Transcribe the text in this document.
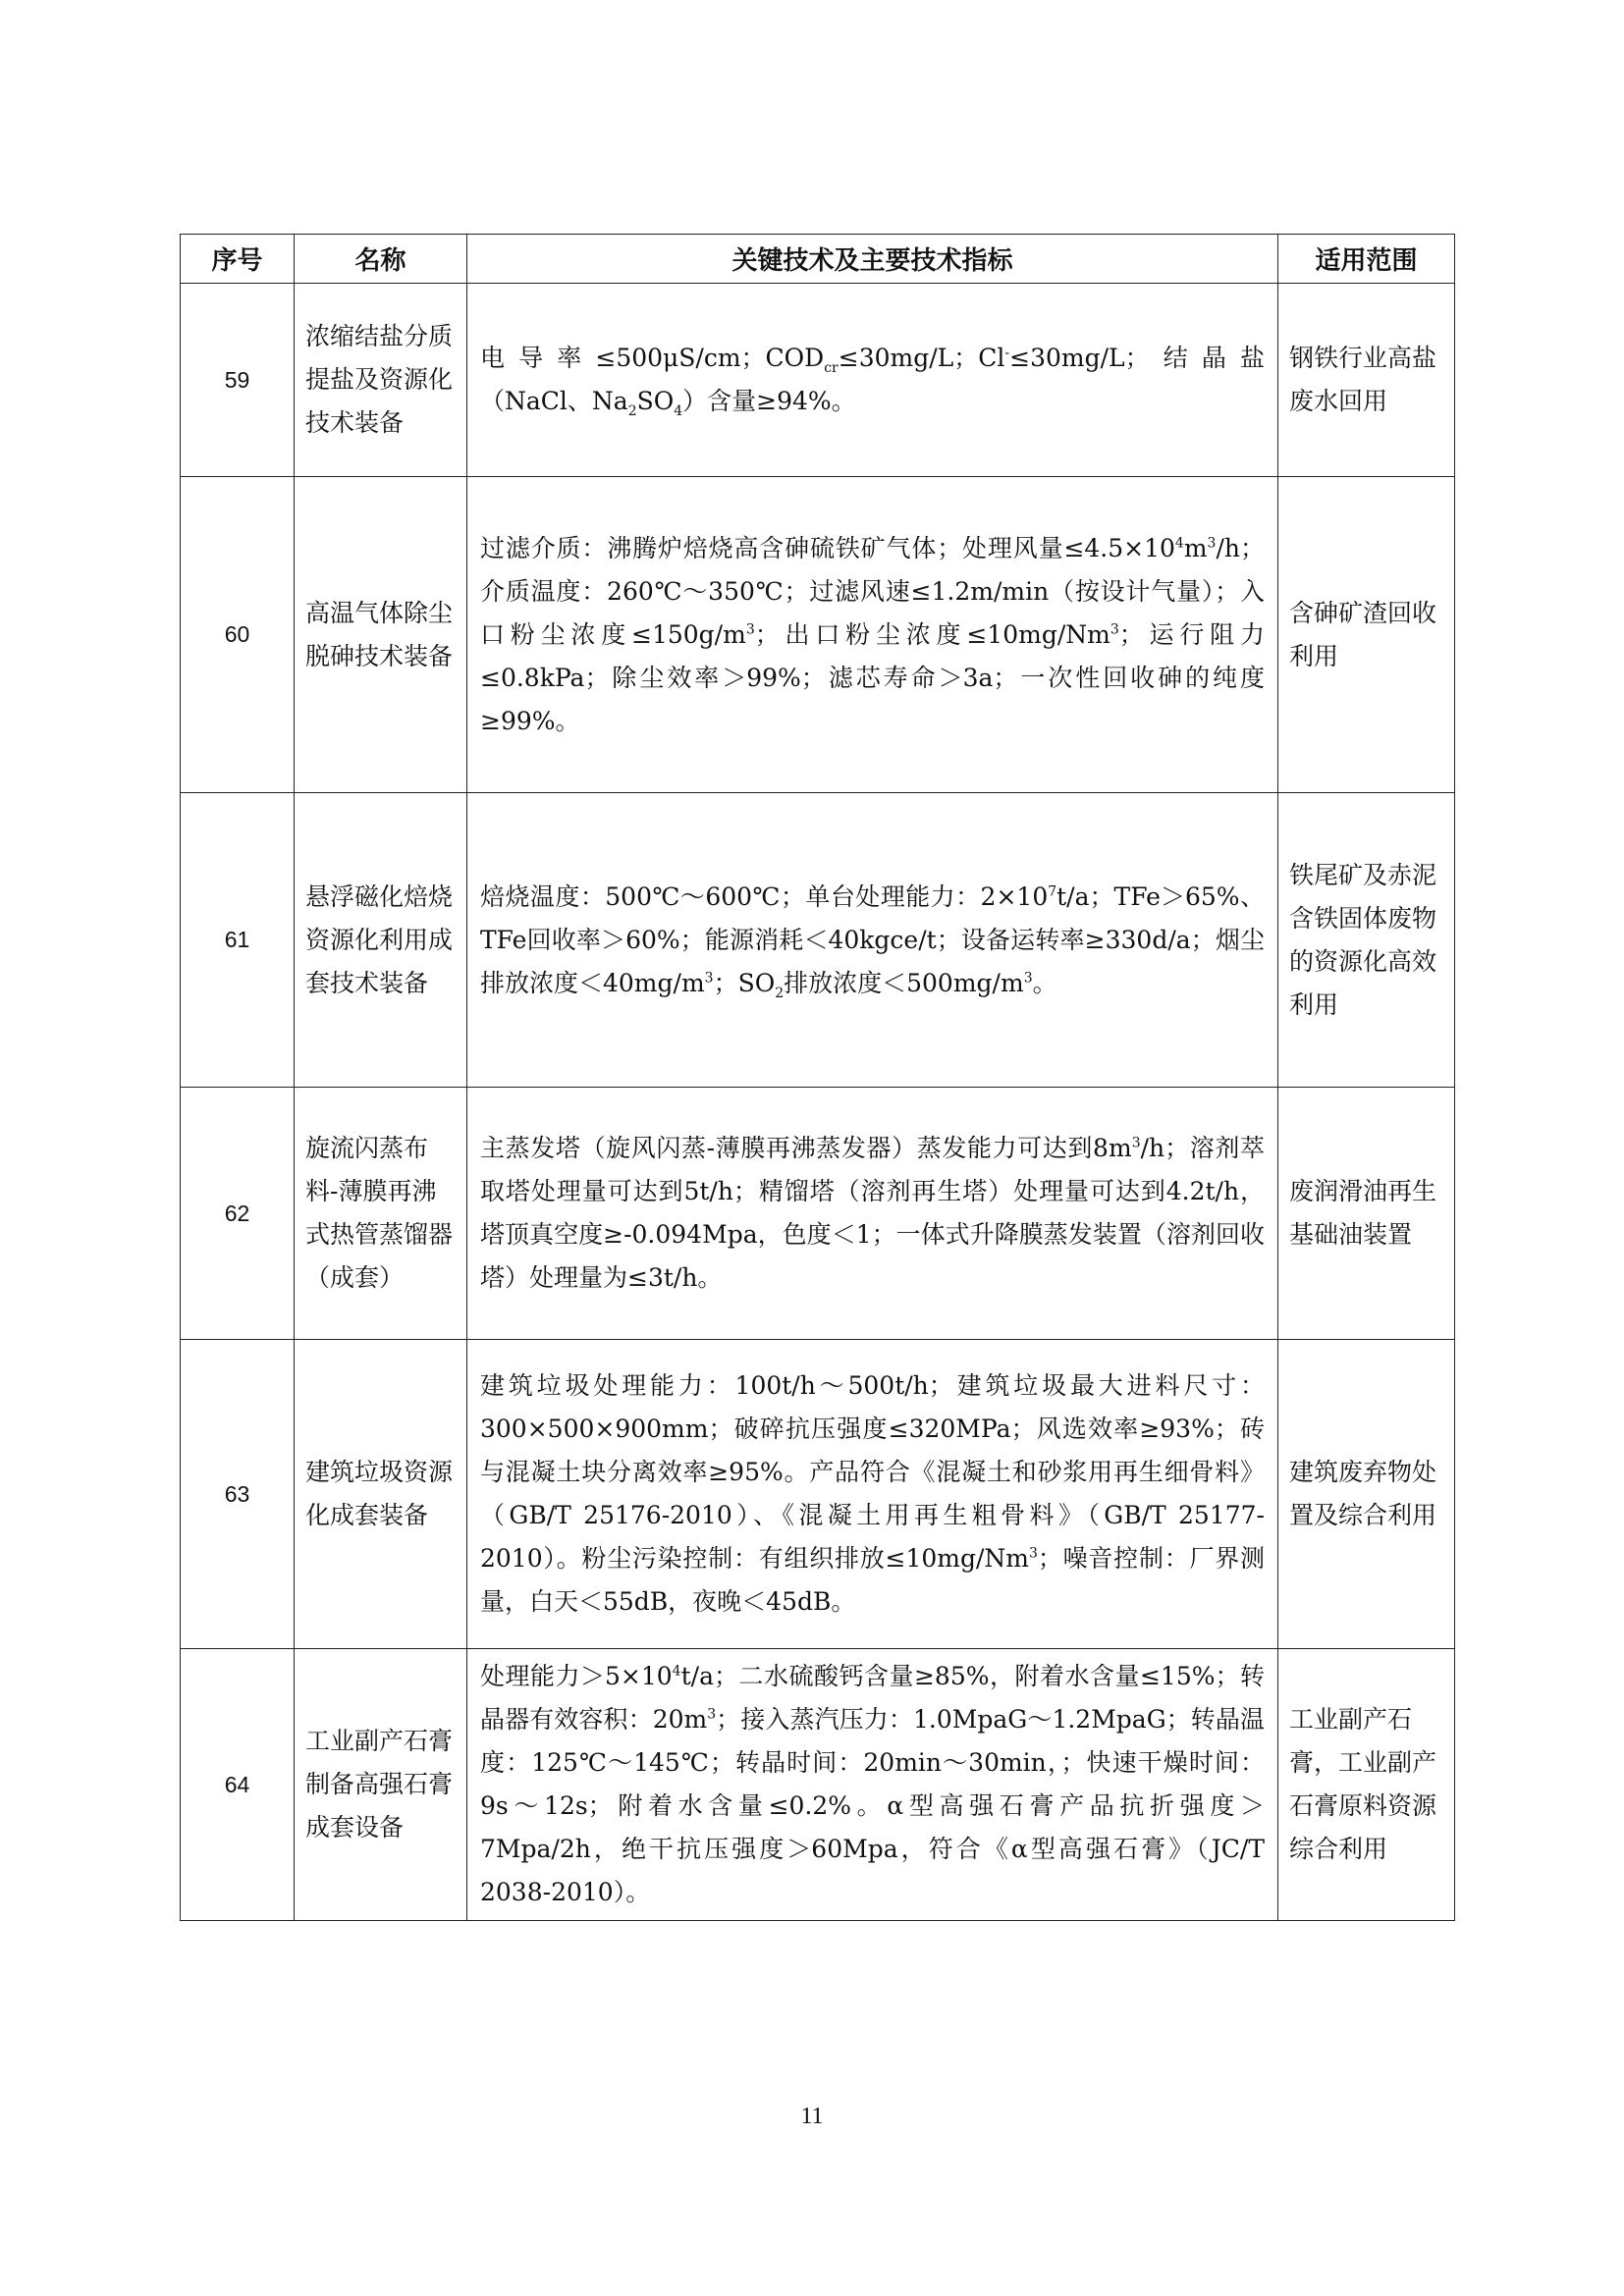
序号	名称	关键技术及主要技术指标	适用范围
59	浓缩结盐分质提盐及资源化技术装备	电导率≤500μS/cm；$COD_{cr}\le 30mg/L$；Cl-≤30mg/L；结晶盐（NaCl、$Na_2SO_4$）含量≥94%。	钢铁行业高盐废水回用
60	高温气体除尘脱砷技术装备	过滤介质：沸腾炉焙烧高含砷硫铁矿气体；处理风量$\le 4.5\times 10^4m^3/h$；介质温度：260℃～350℃；过滤风速≤1.2m/min（按设计气量）；入口粉尘浓度$\le 150g/m^3$；出口粉尘浓度$\le 10mg/Nm^3$；运行阻力≤0.8kPa；除尘效率＞99%；滤芯寿命＞3a；一次性回收砷的纯度≥99%。	含砷矿渣回收利用
61	悬浮磁化焙烧资源化利用成套技术装备	焙烧温度：500℃～600℃；单台处理能力：$2\times 10^7t/a$；TFe＞65%、TFe回收率＞60%；能源消耗＜40kgce/t；设备运转率≥330d/a；烟尘排放浓度$<40mg/m^3$；$SO_2$排放浓度$<500mg/m^3$。	铁尾矿及赤泥含铁固体废物的资源化高效利用
62	旋流闪蒸布料-薄膜再沸式热管蒸馏器（成套）	主蒸发塔（旋风闪蒸-薄膜再沸蒸发器）蒸发能力可达到$8m^3/h$；溶剂萃取塔处理量可达到5t/h；精馏塔（溶剂再生塔）处理量可达到4.2t/h，塔顶真空度≥-0.094Mpa，色度＜1；一体式升降膜蒸发装置（溶剂回收塔）处理量为≤3t/h。	废润滑油再生基础油装置
63	建筑垃圾资源化成套装备	建筑垃圾处理能力：100t/h～500t/h；建筑垃圾最大进料尺寸：300×500×900mm；破碎抗压强度≤320MPa；风选效率≥93%；砖与混凝土块分离效率≥95%。产品符合《混凝土和砂浆用再生细骨料》（GB/T 25176-2010）、《混凝土用再生粗骨料》（GB/T 25177-2010）。粉尘污染控制：有组织排放$\le 10mg/Nm^3$；噪音控制：厂界测量，白天＜55dB，夜晚＜45dB。	建筑废弃物处置及综合利用
64	工业副产石膏制备高强石膏成套设备	处理能力$>5\times 10^4t/a$；二水硫酸钙含量≥85%，附着水含量≤15%；转晶器有效容积：$20m^3$；接入蒸汽压力：1.0MpaG～1.2MpaG；转晶温度：125℃～145℃；转晶时间：20min～30min，；快速干燥时间：9s～12s；附着水含量≤0.2%。α型高强石膏产品抗折强度＞7Mpa/2h，绝干抗压强度＞60Mpa，符合《α型高强石膏》（JC/T 2038-2010）。	工业副产石膏，工业副产石膏原料资源综合利用
11
